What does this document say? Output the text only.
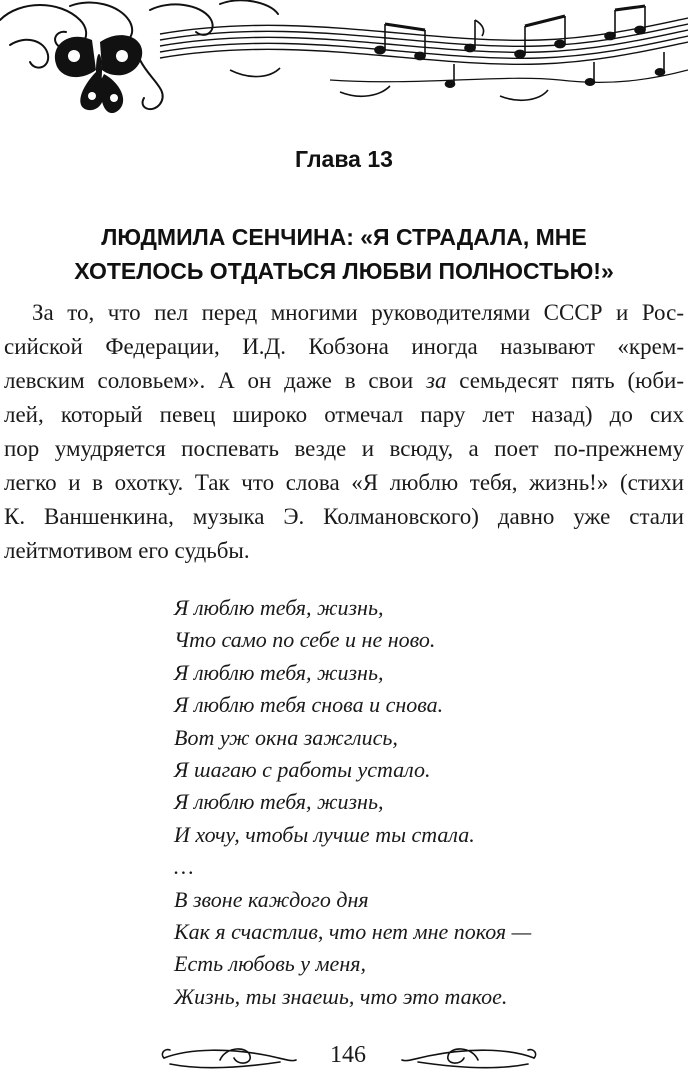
Глава 13
ЛЮДМИЛА СЕНЧИНА: «Я СТРАДАЛА, МНЕ
ХОТЕЛОСЬ ОТДАТЬСЯ ЛЮБВИ ПОЛНОСТЬЮ!»
За то, что пел перед многими руководителями СССР и Рос-
сийской Федерации, И.Д. Кобзона иногда называют «крем-
левским соловьем». А он даже в свои за семьдесят пять (юби-
лей, который певец широко отмечал пару лет назад) до сих
пор умудряется поспевать везде и всюду, а поет по-прежнему
легко и в охотку. Так что слова «Я люблю тебя, жизнь!» (стихи
К. Ваншенкина, музыка Э. Колмановского) давно уже стали
лейтмотивом его судьбы.
Я люблю тебя, жизнь,
Что само по себе и не ново.
Я люблю тебя, жизнь,
Я люблю тебя снова и снова.
Вот уж окна зажглись,
Я шагаю с работы устало.
Я люблю тебя, жизнь,
И хочу, чтобы лучше ты стала.
…
В звоне каждого дня
Как я счастлив, что нет мне покоя —
Есть любовь у меня,
Жизнь, ты знаешь, что это такое.
146
